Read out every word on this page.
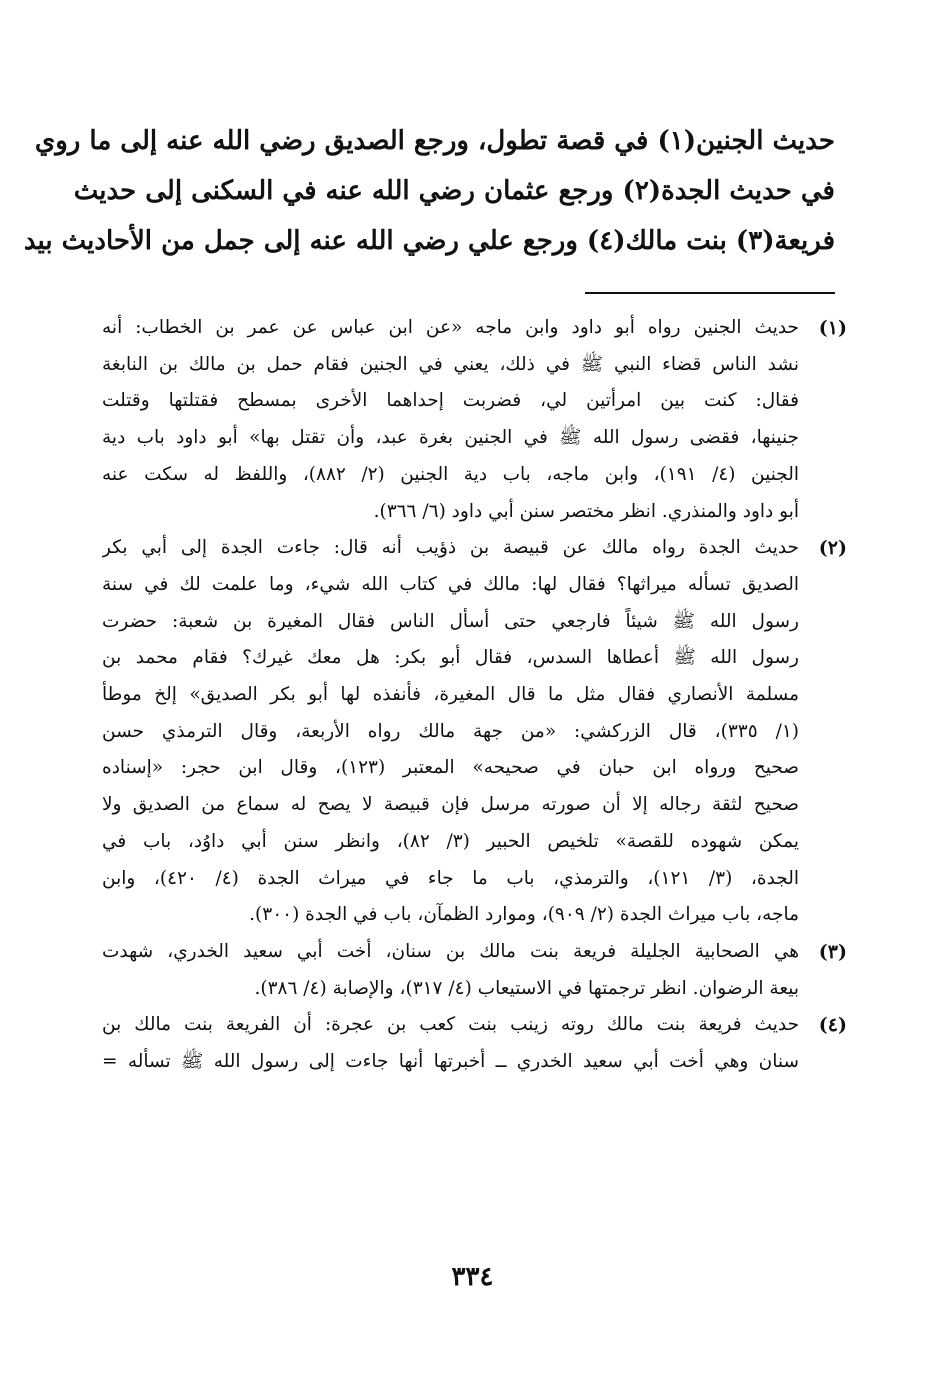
حديث الجنين(١) في قصة تطول، ورجع الصديق رضي الله عنه إلى ما روي
في حديث الجدة(٢) ورجع عثمان رضي الله عنه في السكنى إلى حديث
فريعة(٣) بنت مالك(٤) ورجع علي رضي الله عنه إلى جمل من الأحاديث بيد
(١)
حديث الجنين رواه أبو داود وابن ماجه «عن ابن عباس عن عمر بن الخطاب: أنه
نشد الناس قضاء النبي ﷺ في ذلك، يعني في الجنين فقام حمل بن مالك بن النابغة
فقال: كنت بين امرأتين لي، فضربت إحداهما الأخرى بمسطح فقتلتها وقتلت
جنينها، فقضى رسول الله ﷺ في الجنين بغرة عبد، وأن تقتل بها» أبو داود باب دية
الجنين (٤/ ١٩١)، وابن ماجه، باب دية الجنين (٢/ ٨٨٢)، واللفظ له سكت عنه
أبو داود والمنذري. انظر مختصر سنن أبي داود (٦/ ٣٦٦).
(٢)
حديث الجدة رواه مالك عن قبيصة بن ذؤيب أنه قال: جاءت الجدة إلى أبي بكر
الصديق تسأله ميراثها؟ فقال لها: مالك في كتاب الله شيء، وما علمت لك في سنة
رسول الله ﷺ شيئاً فارجعي حتى أسأل الناس فقال المغيرة بن شعبة: حضرت
رسول الله ﷺ أعطاها السدس، فقال أبو بكر: هل معك غيرك؟ فقام محمد بن
مسلمة الأنصاري فقال مثل ما قال المغيرة، فأنفذه لها أبو بكر الصديق» إلخ موطأ
(١/ ٣٣٥)، قال الزركشي: «من جهة مالك رواه الأربعة، وقال الترمذي حسن
صحيح ورواه ابن حبان في صحيحه» المعتبر (١٢٣)، وقال ابن حجر: «إسناده
صحيح لثقة رجاله إلا أن صورته مرسل فإن قبيصة لا يصح له سماع من الصديق ولا
يمكن شهوده للقصة» تلخيص الحبير (٣/ ٨٢)، وانظر سنن أبي داوُد، باب في
الجدة، (٣/ ١٢١)، والترمذي، باب ما جاء في ميراث الجدة (٤/ ٤٢٠)، وابن
ماجه، باب ميراث الجدة (٢/ ٩٠٩)، وموارد الظمآن، باب في الجدة (٣٠٠).
(٣)
هي الصحابية الجليلة فريعة بنت مالك بن سنان، أخت أبي سعيد الخدري، شهدت
بيعة الرضوان. انظر ترجمتها في الاستيعاب (٤/ ٣١٧)، والإصابة (٤/ ٣٨٦).
(٤)
حديث فريعة بنت مالك روته زينب بنت كعب بن عجرة: أن الفريعة بنت مالك بن
سنان وهي أخت أبي سعيد الخدري ــ أخبرتها أنها جاءت إلى رسول الله ﷺ تسأله =
٣٣٤
